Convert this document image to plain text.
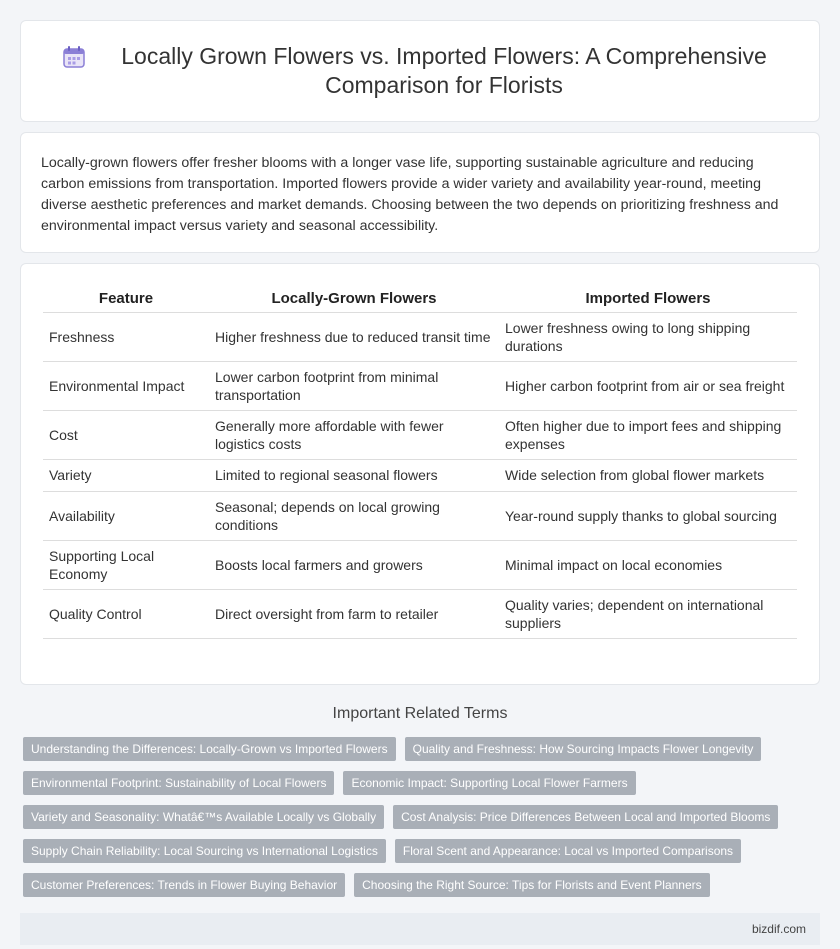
Locally Grown Flowers vs. Imported Flowers: A Comprehensive Comparison for Florists

Locally-grown flowers offer fresher blooms with a longer vase life, supporting sustainable agriculture and reducing carbon emissions from transportation. Imported flowers provide a wider variety and availability year-round, meeting diverse aesthetic preferences and market demands. Choosing between the two depends on prioritizing freshness and environmental impact versus variety and seasonal accessibility.

Feature	Locally-Grown Flowers	Imported Flowers
Freshness	Higher freshness due to reduced transit time	Lower freshness owing to long shipping durations
Environmental Impact	Lower carbon footprint from minimal transportation	Higher carbon footprint from air or sea freight
Cost	Generally more affordable with fewer logistics costs	Often higher due to import fees and shipping expenses
Variety	Limited to regional seasonal flowers	Wide selection from global flower markets
Availability	Seasonal; depends on local growing conditions	Year-round supply thanks to global sourcing
Supporting Local Economy	Boosts local farmers and growers	Minimal impact on local economies
Quality Control	Direct oversight from farm to retailer	Quality varies; dependent on international suppliers
Important Related Terms
Understanding the Differences: Locally-Grown vs Imported Flowers	Quality and Freshness: How Sourcing Impacts Flower Longevity
Environmental Footprint: Sustainability of Local Flowers	Economic Impact: Supporting Local Flower Farmers
Variety and Seasonality: Whatâ€™s Available Locally vs Globally	Cost Analysis: Price Differences Between Local and Imported Blooms
Supply Chain Reliability: Local Sourcing vs International Logistics	Floral Scent and Appearance: Local vs Imported Comparisons
Customer Preferences: Trends in Flower Buying Behavior	Choosing the Right Source: Tips for Florists and Event Planners
bizdif.com
